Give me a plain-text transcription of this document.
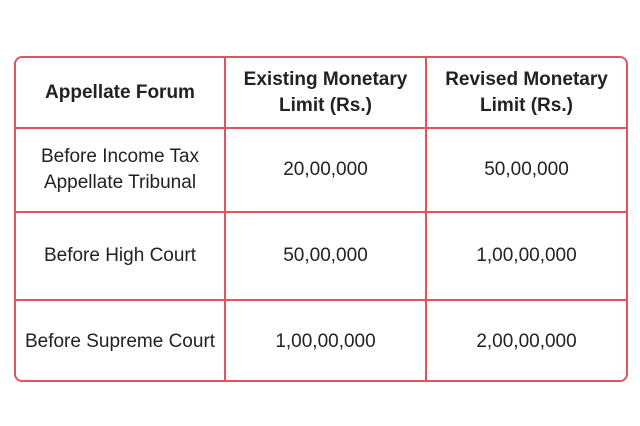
Appellate Forum	Existing Monetary Limit (Rs.)	Revised Monetary Limit (Rs.)
Before Income Tax Appellate Tribunal	20,00,000	50,00,000
Before High Court	50,00,000	1,00,00,000
Before Supreme Court	1,00,00,000	2,00,00,000
